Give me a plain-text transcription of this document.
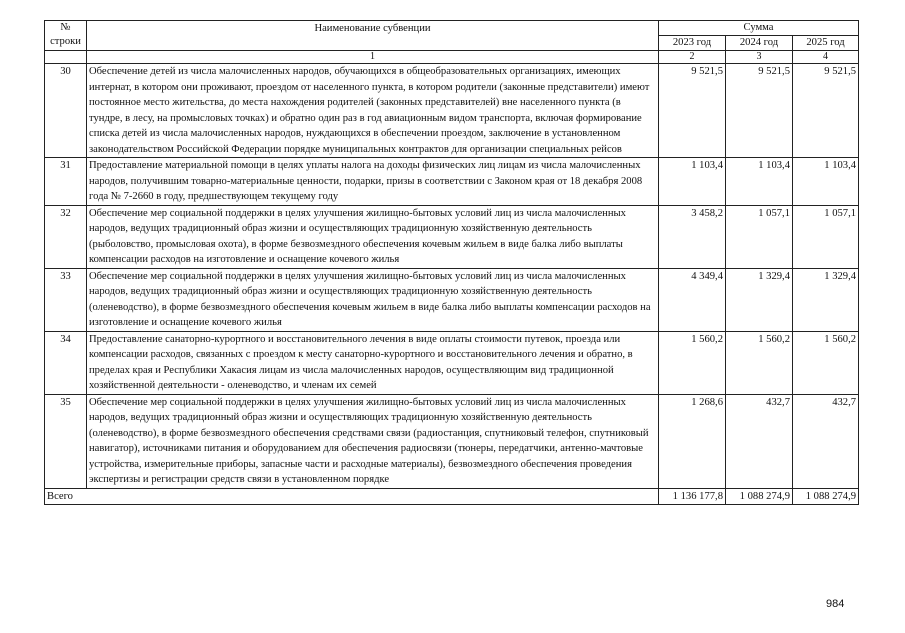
№ строки	Наименование субвенции	Сумма		
		2023 год	2024 год	2025 год
	1	2	3	4
30	Обеспечение детей из числа малочисленных народов, обучающихся в общеобразовательных организациях, имеющих интернат, в котором они проживают, проездом от населенного пункта, в котором родители (законные представители) имеют постоянное место жительства, до места нахождения родителей (законных представителей) вне населенного пункта (в тундре, в лесу, на промысловых точках) и обратно один раз в год авиационным видом транспорта, включая формирование списка детей из числа малочисленных народов, нуждающихся в обеспечении проездом, заключение в установленном законодательством Российской Федерации порядке муниципальных контрактов для организации специальных рейсов	9 521,5	9 521,5	9 521,5
31	Предоставление материальной помощи в целях уплаты налога на доходы физических лиц лицам из числа малочисленных народов, получившим товарно-материальные ценности, подарки, призы в соответствии с Законом края от 18 декабря 2008 года № 7-2660 в году, предшествующем текущему году	1 103,4	1 103,4	1 103,4
32	Обеспечение мер социальной поддержки в целях улучшения жилищно-бытовых условий лиц из числа малочисленных народов, ведущих традиционный образ жизни и осуществляющих традиционную хозяйственную деятельность (рыболовство, промысловая охота), в форме безвозмездного обеспечения кочевым жильем в виде балка либо выплаты компенсации расходов на изготовление и оснащение кочевого жилья	3 458,2	1 057,1	1 057,1
33	Обеспечение мер социальной поддержки в целях улучшения жилищно-бытовых условий лиц из числа малочисленных народов, ведущих традиционный образ жизни и осуществляющих традиционную хозяйственную деятельность (оленеводство), в форме безвозмездного обеспечения кочевым жильем в виде балка либо выплаты компенсации расходов на изготовление и оснащение кочевого жилья	4 349,4	1 329,4	1 329,4
34	Предоставление санаторно-курортного и восстановительного лечения в виде оплаты стоимости путевок, проезда или компенсации расходов, связанных с проездом к месту санаторно-курортного и восстановительного лечения и обратно, в пределах края и Республики Хакасия лицам из числа малочисленных народов, осуществляющим вид традиционной хозяйственной деятельности - оленеводство, и членам их семей	1 560,2	1 560,2	1 560,2
35	Обеспечение мер социальной поддержки в целях улучшения жилищно-бытовых условий лиц из числа малочисленных народов, ведущих традиционный образ жизни и осуществляющих традиционную хозяйственную деятельность (оленеводство), в форме безвозмездного обеспечения средствами связи (радиостанция, спутниковый телефон, спутниковый навигатор), источниками питания и оборудованием для обеспечения радиосвязи (тюнеры, передатчики, антенно-мачтовые устройства, измерительные приборы, запасные части и расходные материалы), безвозмездного обеспечения проведения экспертизы и регистрации средств связи в установленном порядке	1 268,6	432,7	432,7
Всего		1 136 177,8	1 088 274,9	1 088 274,9
984
